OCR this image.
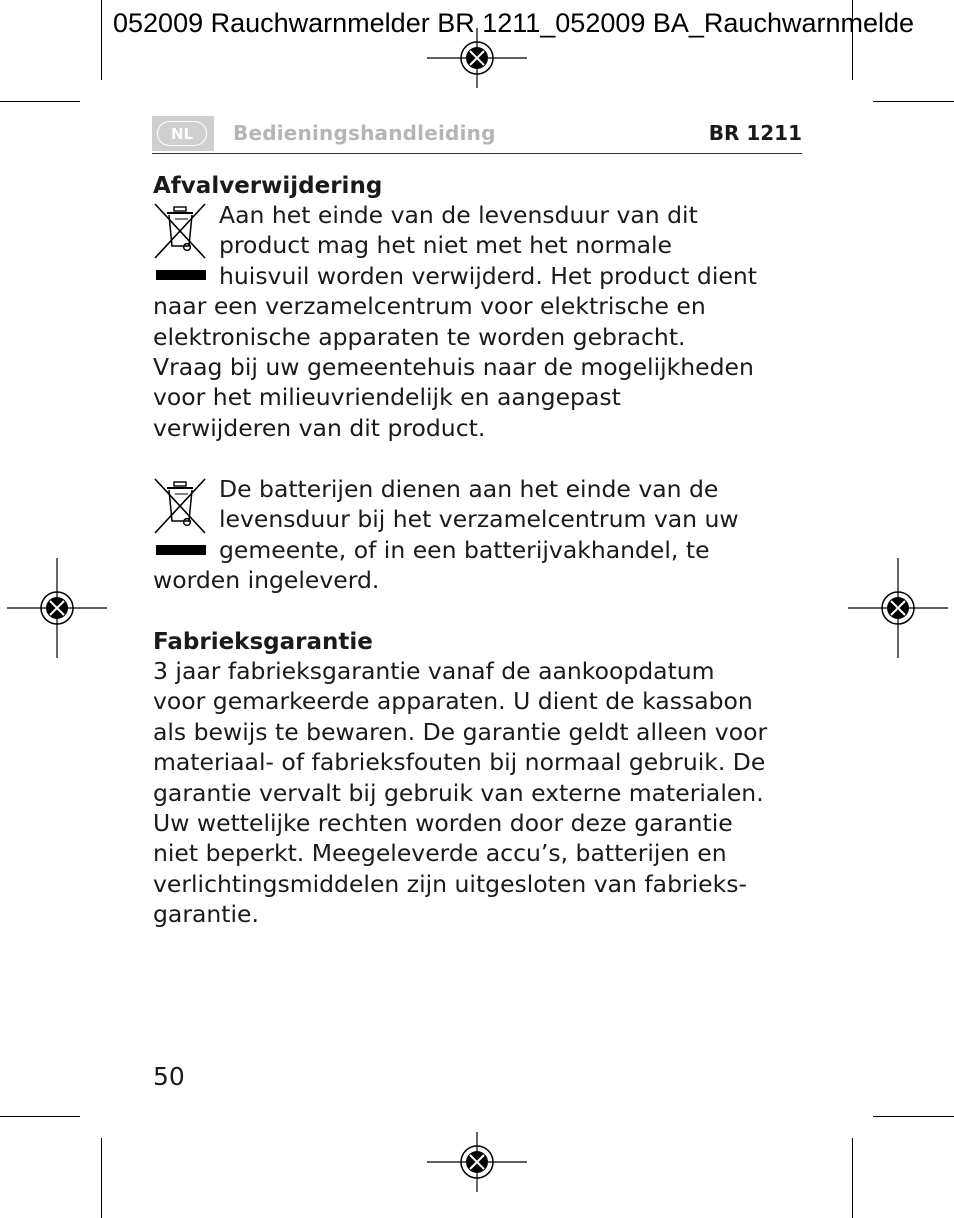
052009 Rauchwarnmelder BR 1211_052009 BA_Rauchwarnmelde
NL	Bedieningshandleiding	BR 1211
Afvalverwijdering
Aan het einde van de levensduur van dit
product mag het niet met het normale
huisvuil worden verwijderd. Het product dient
naar een verzamelcentrum voor elektrische en
elektronische apparaten te worden gebracht.
Vraag bij uw gemeentehuis naar de mogelijkheden
voor het milieuvriendelijk en aangepast
verwijderen van dit product.
De batterijen dienen aan het einde van de
levensduur bij het verzamelcentrum van uw
gemeente, of in een batterijvakhandel, te
worden ingeleverd.
Fabrieksgarantie
3 jaar fabrieksgarantie vanaf de aankoopdatum
voor gemarkeerde apparaten. U dient de kassabon
als bewijs te bewaren. De garantie geldt alleen voor
materiaal- of fabrieksfouten bij normaal gebruik. De
garantie vervalt bij gebruik van externe materialen.
Uw wettelijke rechten worden door deze garantie
niet beperkt. Meegeleverde accu’s, batterijen en
verlichtingsmiddelen zijn uitgesloten van fabrieks-
garantie.
50
